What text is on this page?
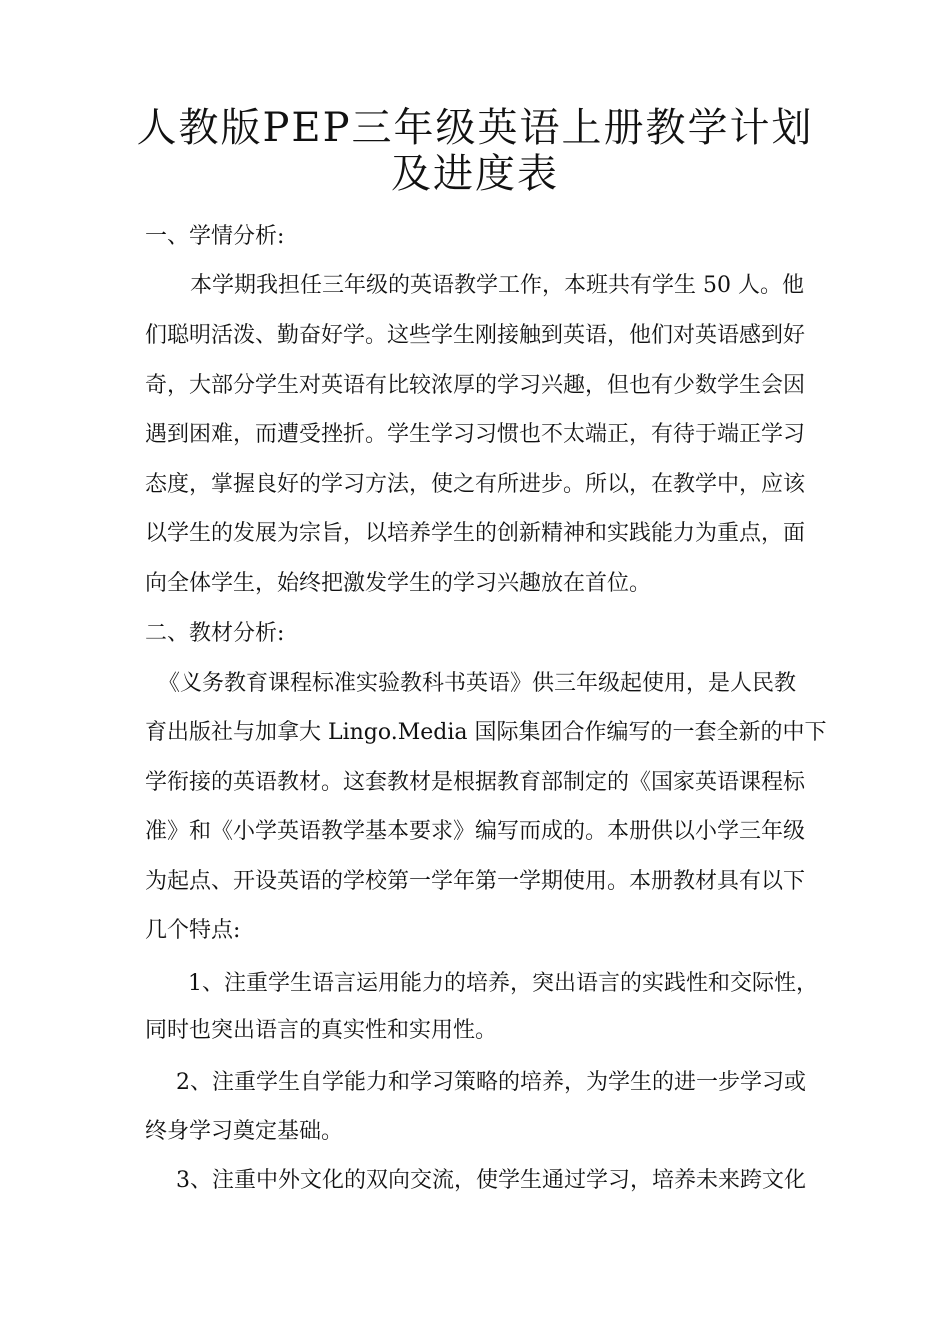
人教版PEP三年级英语上册教学计划
及进度表
一、学情分析:
本学期我担任三年级的英语教学工作，本班共有学生 50 人。他
们聪明活泼、勤奋好学。这些学生刚接触到英语，他们对英语感到好
奇，大部分学生对英语有比较浓厚的学习兴趣，但也有少数学生会因
遇到困难，而遭受挫折。学生学习习惯也不太端正，有待于端正学习
态度，掌握良好的学习方法，使之有所进步。所以，在教学中，应该
以学生的发展为宗旨，以培养学生的创新精神和实践能力为重点，面
向全体学生，始终把激发学生的学习兴趣放在首位。
二、教材分析:
《义务教育课程标准实验教科书英语》供三年级起使用，是人民教
育出版社与加拿大 Lingo.Media 国际集团合作编写的一套全新的中下
学衔接的英语教材。这套教材是根据教育部制定的《国家英语课程标
准》和《小学英语教学基本要求》编写而成的。本册供以小学三年级
为起点、开设英语的学校第一学年第一学期使用。本册教材具有以下
几个特点:
1、注重学生语言运用能力的培养，突出语言的实践性和交际性，
同时也突出语言的真实性和实用性。
2、注重学生自学能力和学习策略的培养，为学生的进一步学习或
终身学习奠定基础。
3、注重中外文化的双向交流，使学生通过学习，培养未来跨文化
